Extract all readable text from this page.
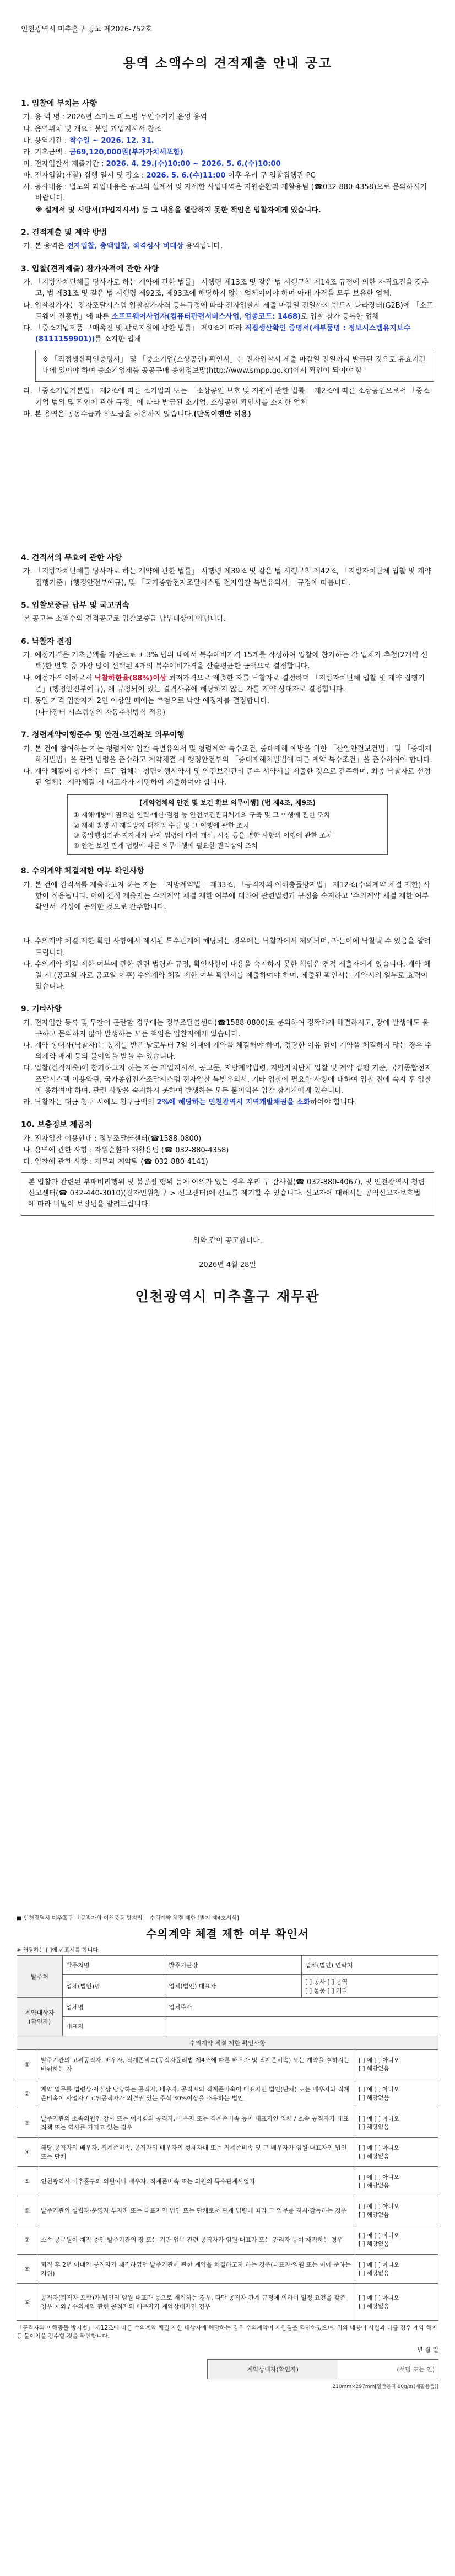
인천광역시 미추홀구 공고 제2026-752호
용역 소액수의 견적제출 안내 공고
1. 입찰에 부치는 사항
가. 용 역 명 : 2026년 스마트 페트병 무인수거기 운영 용역
나. 용역위치 및 개요 : 붙임 과업지시서 참조
다. 용역기간 : 착수일 ~ 2026. 12. 31.
라. 기초금액 : 금69,120,000원(부가가치세포함)
마. 전자입찰서 제출기간 : 2026. 4. 29.(수)10:00 ~ 2026. 5. 6.(수)10:00
바. 전자입찰(개찰) 집행 일시 및 장소 : 2026. 5. 6.(수)11:00 이후 우리 구 입찰집행관 PC
사. 공사내용 : 별도의 과업내용은 공고의 설계서 및 자세한 사업내역은 자원순환과 재활용팀 (☎032-880-4358)으로 문의하시기 바랍니다.
※ 설계서 및 시방서(과업지시서) 등 그 내용을 열람하지 못한 책임은 입찰자에게 있습니다.
2. 견적제출 및 계약 방법
가. 본 용역은 전자입찰, 총액입찰, 적격심사 비대상 용역입니다.
3. 입찰(견적제출) 참가자격에 관한 사항
가. 「지방자치단체를 당사자로 하는 계약에 관한 법률」 시행령 제13조 및 같은 법 시행규칙 제14조 규정에 의한 자격요건을 갖추고, 법 제31조 및 같은 법 시행령 제92조, 제93조에 해당하지 않는 업체이어야 하며 아래 자격을 모두 보유한 업체.
나. 입찰참가자는 전자조달시스템 입찰참가자격 등록규정에 따라 전자입찰서 제출 마감일 전일까지 반드시 나라장터(G2B)에 「소프트웨어 진흥법」에 따른 소프트웨어사업자(컴퓨터관련서비스사업, 업종코드: 1468)로 입찰 참가 등록한 업체
다. 「중소기업제품 구매촉진 및 판로지원에 관한 법률」 제9조에 따라 직접생산확인 증명서(세부품명 : 정보시스템유지보수(8111159901))를 소지한 업체
※ 「직접생산확인증명서」 및 「중소기업(소상공인) 확인서」는 전자입찰서 제출 마감일 전일까지 발급된 것으로 유효기간 내에 있어야 하며 중소기업제품 공공구매 종합정보망(http://www.smpp.go.kr)에서 확인이 되어야 함
라. 「중소기업기본법」 제2조에 따른 소기업과 또는 「소상공인 보호 및 지원에 관한 법률」 제2조에 따른 소상공인으로서 「중소기업 범위 및 확인에 관한 규정」에 따라 발급된 소기업, 소상공인 확인서를 소지한 업체
마. 본 용역은 공동수급과 하도급을 허용하지 않습니다.(단독이행만 허용)
4. 견적서의 무효에 관한 사항
가. 「지방자치단체를 당사자로 하는 계약에 관한 법률」 시행령 제39조 및 같은 법 시행규칙 제42조, 「지방자치단체 입찰 및 계약 집행기준」(행정안전부예규), 및 「국가종합전자조달시스템 전자입찰 특별유의서」 규정에 따릅니다.
5. 입찰보증금 납부 및 국고귀속
본 공고는 소액수의 견적공고로 입찰보증금 납부대상이 아닙니다.
6. 낙찰자 결정
가. 예정가격은 기초금액을 기준으로 ± 3% 범위 내에서 복수예비가격 15개를 작성하여 입찰에 참가하는 각 업체가 추첨(2개씩 선택)한 번호 중 가장 많이 선택된 4개의 복수예비가격을 산술평균한 금액으로 결정합니다.
나. 예정가격 이하로서 낙찰하한율(88%)이상 최저가격으로 제출한 자를 낙찰자로 결정하며 「지방자치단체 입찰 및 계약 집행기준」(행정안전부예규), 에 규정되어 있는 결격사유에 해당하지 않는 자를 계약 상대자로 결정합니다.
다. 동일 가격 입찰자가 2인 이상일 때에는 추첨으로 낙찰 예정자를 결정합니다.
(나라장터 시스템상의 자동추첨방식 적용)
7. 청렴계약이행준수 및 안전·보건확보 의무이행
가. 본 건에 참여하는 자는 청렴계약 입찰 특별유의서 및 청렴계약 특수조건, 중대재해 예방을 위한 「산업안전보건법」 및 「중대재해처벌법」을 관련 법령을 준수하고 계약체결 시 행정안전부의 「중대재해처벌법에 따른 계약 특수조건」을 준수하여야 합니다.
나. 계약 체결에 참가하는 모든 업체는 청렴이행서약서 및 안전보건관리 준수 서약서를 제출한 것으로 간주하며, 최종 낙찰자로 선정된 업체는 계약체결 시 대표자가 서명하여 제출하여야 합니다.
[계약업체의 안전 및 보건 확보 의무이행] (법 제4조, 제9조)
① 재해예방에 필요한 인력·예산·점검 등 안전보건관리체계의 구축 및 그 이행에 관한 조치
② 재해 발생 시 재발방지 대책의 수립 및 그 이행에 관한 조치
③ 중앙행정기관·지자체가 관계 법령에 따라 개선, 시정 등을 명한 사항의 이행에 관한 조치
④ 안전·보건 관계 법령에 따른 의무이행에 필요한 관리상의 조치
8. 수의계약 체결제한 여부 확인사항
가. 본 건에 견적서를 제출하고자 하는 자는 「지방계약법」 제33조, 「공직자의 이해충돌방지법」 제12조(수의계약 체결 제한) 사항이 적용됩니다. 이에 견적 제출자는 수의계약 체결 제한 여부에 대하여 관련법령과 규정을 숙지하고 '수의계약 체결 제한 여부 확인서' 작성에 동의한 것으로 간주합니다.
나. 수의계약 체결 제한 확인 사항에서 제시된 특수관계에 해당되는 경우에는 낙찰자에서 제외되며, 자는이에 낙찰될 수 있음을 알려드립니다.
다. 수의계약 체결 제한 여부에 관한 관련 법령과 규정, 확인사항이 내용을 숙지하지 못한 책임은 견적 제출자에게 있습니다. 계약 체결 시 (공고일 자로 공고일 이후) 수의계약 체결 제한 여부 확인서를 제출하여야 하며, 제출된 확인서는 계약서의 일부로 효력이 있습니다.
9. 기타사항
가. 전자입찰 등록 및 투찰이 곤란할 경우에는 정부조달콜센터(☎1588-0800)로 문의하여 정확하게 해결하시고, 장애 발생에도 불구하고 문의하지 않아 발생하는 모든 책임은 입찰자에게 있습니다.
나. 계약 상대자(낙찰자)는 통지를 받은 날로부터 7일 이내에 계약을 체결해야 하며, 정당한 이유 없이 계약을 체결하지 않는 경우 수의계약 배제 등의 불이익을 받을 수 있습니다.
다. 입찰(견적제출)에 참가하고자 하는 자는 과업지시서, 공고문, 지방계약법령, 지방자치단체 입찰 및 계약 집행 기준, 국가종합전자조달시스템 이용약관, 국가종합전자조달시스템 전자입찰 특별유의서, 기타 입찰에 필요한 사항에 대하여 입찰 전에 숙지 후 입찰에 응하여야 하며, 관련 사항을 숙지하지 못하여 발생하는 모든 불이익은 입찰 참가자에게 있습니다.
라. 낙찰자는 대금 청구 시에도 청구금액의 2%에 해당하는 인천광역시 지역개발채권을 소화하여야 합니다.
10. 보충정보 제공처
가. 전자입찰 이용안내 : 정부조달콜센터(☎1588-0800)
나. 용역에 관한 사항 : 자원순환과 재활용팀 (☎ 032-880-4358)
다. 입찰에 관한 사항 : 재무과 계약팀 (☎ 032-880-4141)
본 입찰과 관련된 부패비리행위 및 불공정 행위 등에 이의가 있는 경우 우리 구 감사실(☎ 032-880-4067), 및 인천광역시 청렴신고센터(☎ 032-440-3010)(전자민원창구 > 신고센터)에 신고를 제기할 수 있습니다. 신고자에 대해서는 공익신고자보호법에 따라 비밀이 보장됨을 알려드립니다.
위와 같이 공고합니다.
2026년 4월 28일
인천광역시 미추홀구 재무관
■ 인천광역시 미추홀구 「공직자의 이해충돌 방지법」 수의계약 체결 제한 [별지 제4호서식]
수의계약 체결 제한 여부 확인서
※ 해당하는 [ ]에 √ 표시를 합니다.
발주처	발주처명	발주기관장	업체(법인) 연락처
	업체(법인)명	업체(법인) 대표자	[ ] 공사 [ ] 용역
[ ] 물품 [ ] 기타
계약대상자
(확인자)	업체명	업체주소	
	대표자		
수의계약 체결 제한 확인사항		
①	발주기관의 고위공직자, 배우자, 직계존비속(공직자윤리법 제4조에 따른 배우자 및 직계존비속) 또는 계약을 결하지는 바위하는 자	[ ] 예 [ ] 아니오
[ ] 해당없음
②	계약 업무를 법령상·사실상 담당하는 공직자, 배우자, 공직자의 직계존비속이 대표자인 법인(단체) 또는 배우자와 직계존비속이 사업자 / 고위공직자가 의결권 있는 주식 30%이상을 소유하는 법인	[ ] 예 [ ] 아니오
[ ] 해당없음
③	발주기관의 소속의원인 감사 또는 이사회의 공직자, 배우자 또는 직계존비속 등이 대표자인 업체 / 소속 공직자가 대표 직책 또는 역사를 가지고 있는 경우	[ ] 예 [ ] 아니오
[ ] 해당없음
④	해당 공직자의 배우자, 직계존비속, 공직자의 배우자의 형제자매 또는 직계존비속 및 그 배우자가 임원·대표자인 법인 또는 단체	[ ] 예 [ ] 아니오
[ ] 해당없음
⑤	인천광역시 미추홀구의 의원이나 배우자, 직계존비속 또는 의원의 특수관계사업자	[ ] 예 [ ] 아니오
[ ] 해당없음
⑥	발주기관의 설립자·운영자·투자자 또는 대표자인 법인 또는 단체로서 관계 법령에 따라 그 업무를 지시·감독하는 경우	[ ] 예 [ ] 아니오
[ ] 해당없음
⑦	소속 공무원이 재직 중인 발주기관의 장 또는 기관 업무 관련 공직자가 임원·대표자 또는 관리자 등이 재직하는 경우	[ ] 예 [ ] 아니오
[ ] 해당없음
⑧	퇴직 후 2년 이내인 공직자가 재직하였던 발주기관에 관한 계약을 체결하고자 하는 경우(대표자·임원 또는 이에 준하는 지위)	[ ] 예 [ ] 아니오
[ ] 해당없음
⑨	공직자(퇴직자 포함)가 법인의 임원·대표자 등으로 재직하는 경우, 다만 공직자 관계 규정에 의하여 일정 요건을 갖춘 경우 제외 / 수의계약 관련 공직자의 배우자가 계약상대자인 경우	[ ] 예 [ ] 아니오
[ ] 해당없음
「공직자의 이해충돌 방지법」 제12조에 따른 수의계약 체결 제한 대상자에 해당하는 경우 수의계약이 제한됨을 확인하였으며, 위의 내용이 사실과 다를 경우 계약 해지 등 불이익을 감수할 것을 확인합니다.
년 월 일
계약상대자(확인자)	(서명 또는 인)
210mm×297mm[일반용지 60g/㎡(재활용품)]
